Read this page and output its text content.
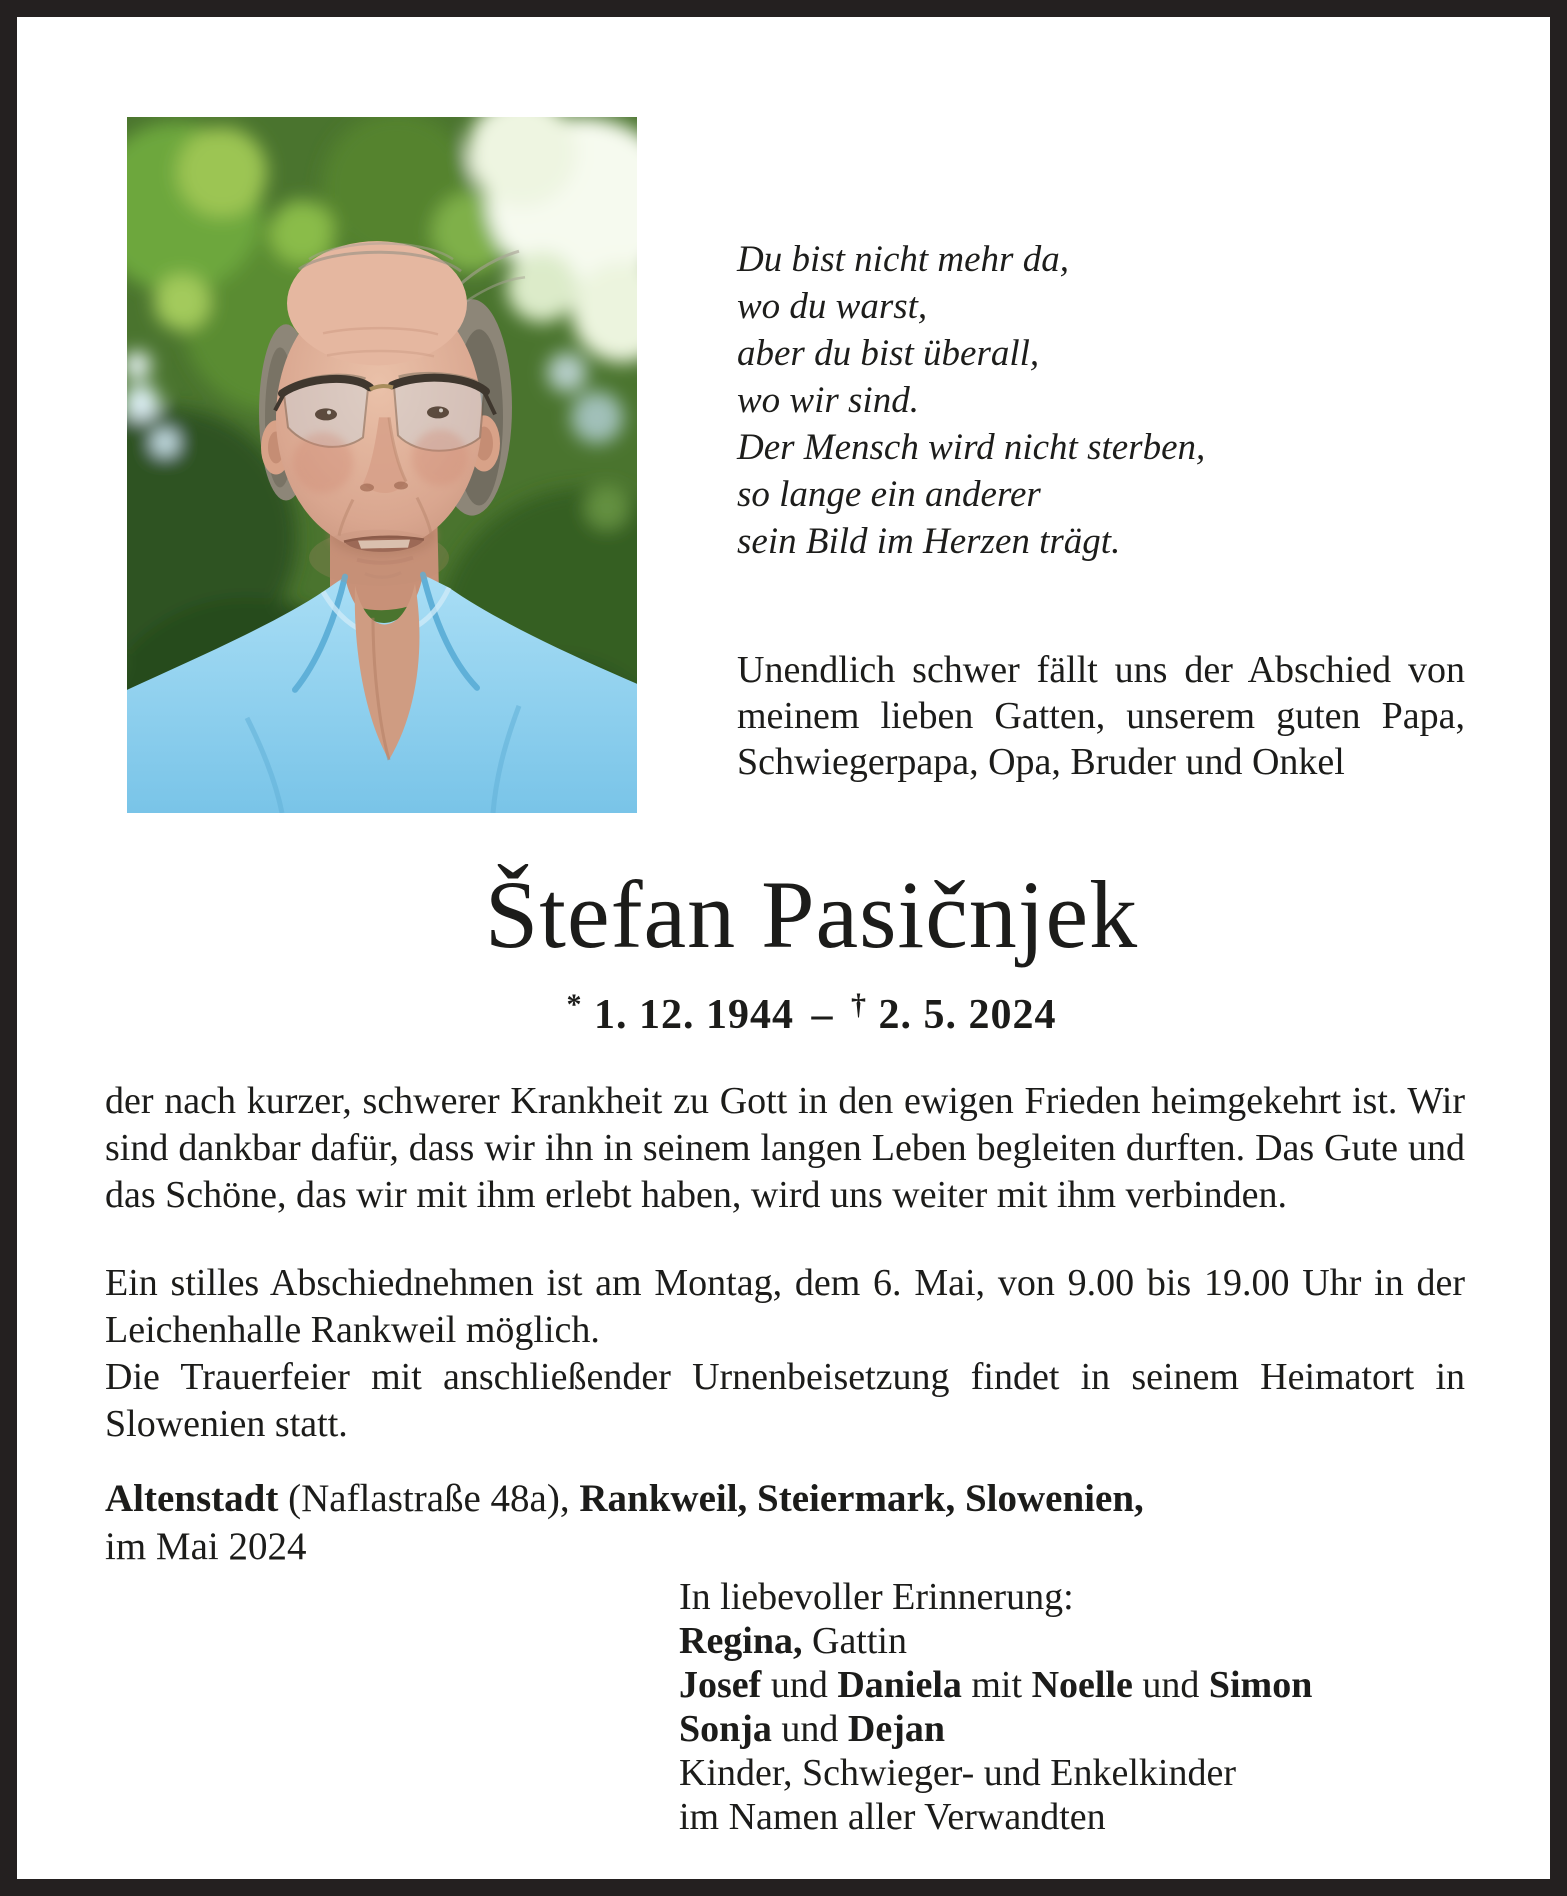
Du bist nicht mehr da,
wo du warst,
aber du bist überall,
wo wir sind.
Der Mensch wird nicht sterben,
so lange ein anderer
sein Bild im Herzen trägt.
Unendlich schwer fällt uns der Abschied von meinem lieben Gatten, unserem guten Papa, Schwiegerpapa, Opa, Bruder und Onkel
Štefan Pasičnjek
* 1. 12. 1944 – † 2. 5. 2024
der nach kurzer, schwerer Krankheit zu Gott in den ewigen Frieden heimgekehrt ist. Wir sind dankbar dafür, dass wir ihn in seinem langen Leben begleiten durften. Das Gute und das Schöne, das wir mit ihm erlebt haben, wird uns weiter mit ihm verbinden.
Ein stilles Abschiednehmen ist am Montag, dem 6. Mai, von 9.00 bis 19.00 Uhr in der Leichenhalle Rankweil möglich.
Die Trauerfeier mit anschließender Urnenbeisetzung findet in seinem Heimatort in Slowenien statt.
Altenstadt (Naflastraße 48a), Rankweil, Steiermark, Slowenien,
im Mai 2024
In liebevoller Erinnerung:
Regina, Gattin
Josef und Daniela mit Noelle und Simon
Sonja und Dejan
Kinder, Schwieger- und Enkelkinder
im Namen aller Verwandten
